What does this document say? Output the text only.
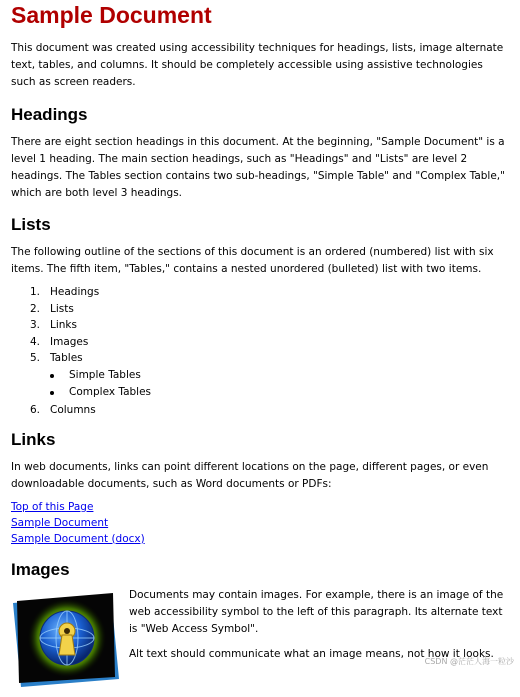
Sample Document

This document was created using accessibility techniques for headings, lists, image alternate text, tables, and columns. It should be completely accessible using assistive technologies such as screen readers.

Headings

There are eight section headings in this document. At the beginning, "Sample Document" is a level 1 heading. The main section headings, such as "Headings" and "Lists" are level 2 headings. The Tables section contains two sub-headings, "Simple Table" and "Complex Table," which are both level 3 headings.

Lists

The following outline of the sections of this document is an ordered (numbered) list with six items. The fifth item, "Tables," contains a nested unordered (bulleted) list with two items.

1. Headings
2. Lists
3. Links
4. Images
5. Tables
Simple Tables
Complex Tables
6. Columns
Links

In web documents, links can point different locations on the page, different pages, or even downloadable documents, such as Word documents or PDFs:

Top of this Page
Sample Document
Sample Document (docx)
Images

Documents may contain images. For example, there is an image of the web accessibility symbol to the left of this paragraph. Its alternate text is "Web Access Symbol".

Alt text should communicate what an image means, not how it looks.

CSDN @茫茫人海一粒沙
